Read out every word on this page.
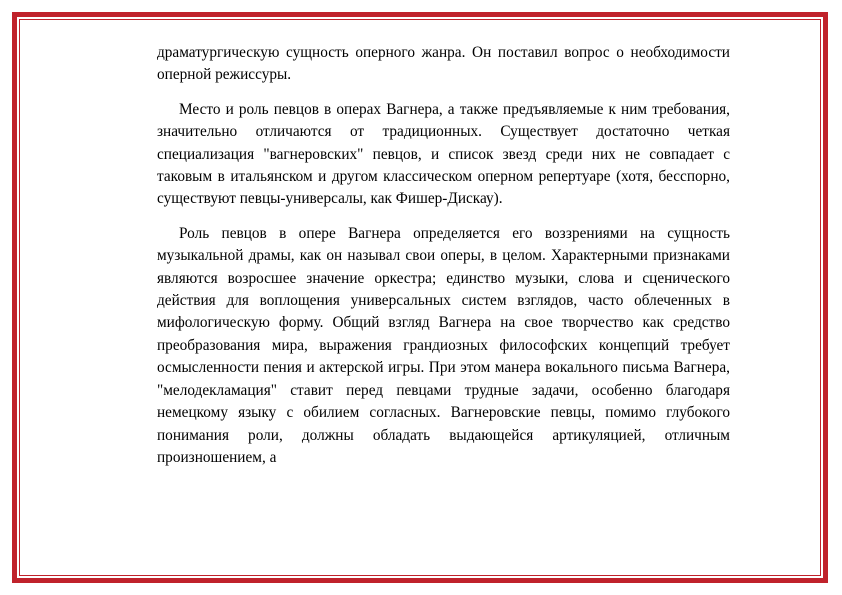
драматургическую сущность оперного жанра. Он поставил вопрос о необходимости оперной режиссуры.

Место и роль певцов в операх Вагнера, а также предъявляемые к ним требования, значительно отличаются от традиционных. Существует достаточно четкая специализация "вагнеровских" певцов, и список звезд среди них не совпадает с таковым в итальянском и другом классическом оперном репертуаре (хотя, бесспорно, существуют певцы-универсалы, как Фишер-Дискау).

Роль певцов в опере Вагнера определяется его воззрениями на сущность музыкальной драмы, как он называл свои оперы, в целом. Характерными признаками являются возросшее значение оркестра; единство музыки, слова и сценического действия для воплощения универсальных систем взглядов, часто облеченных в мифологическую форму. Общий взгляд Вагнера на свое творчество как средство преобразования мира, выражения грандиозных философских концепций требует осмысленности пения и актерской игры. При этом манера вокального письма Вагнера, "мелодекламация" ставит перед певцами трудные задачи, особенно благодаря немецкому языку с обилием согласных. Вагнеровские певцы, помимо глубокого понимания роли, должны обладать выдающейся артикуляцией, отличным произношением, а
